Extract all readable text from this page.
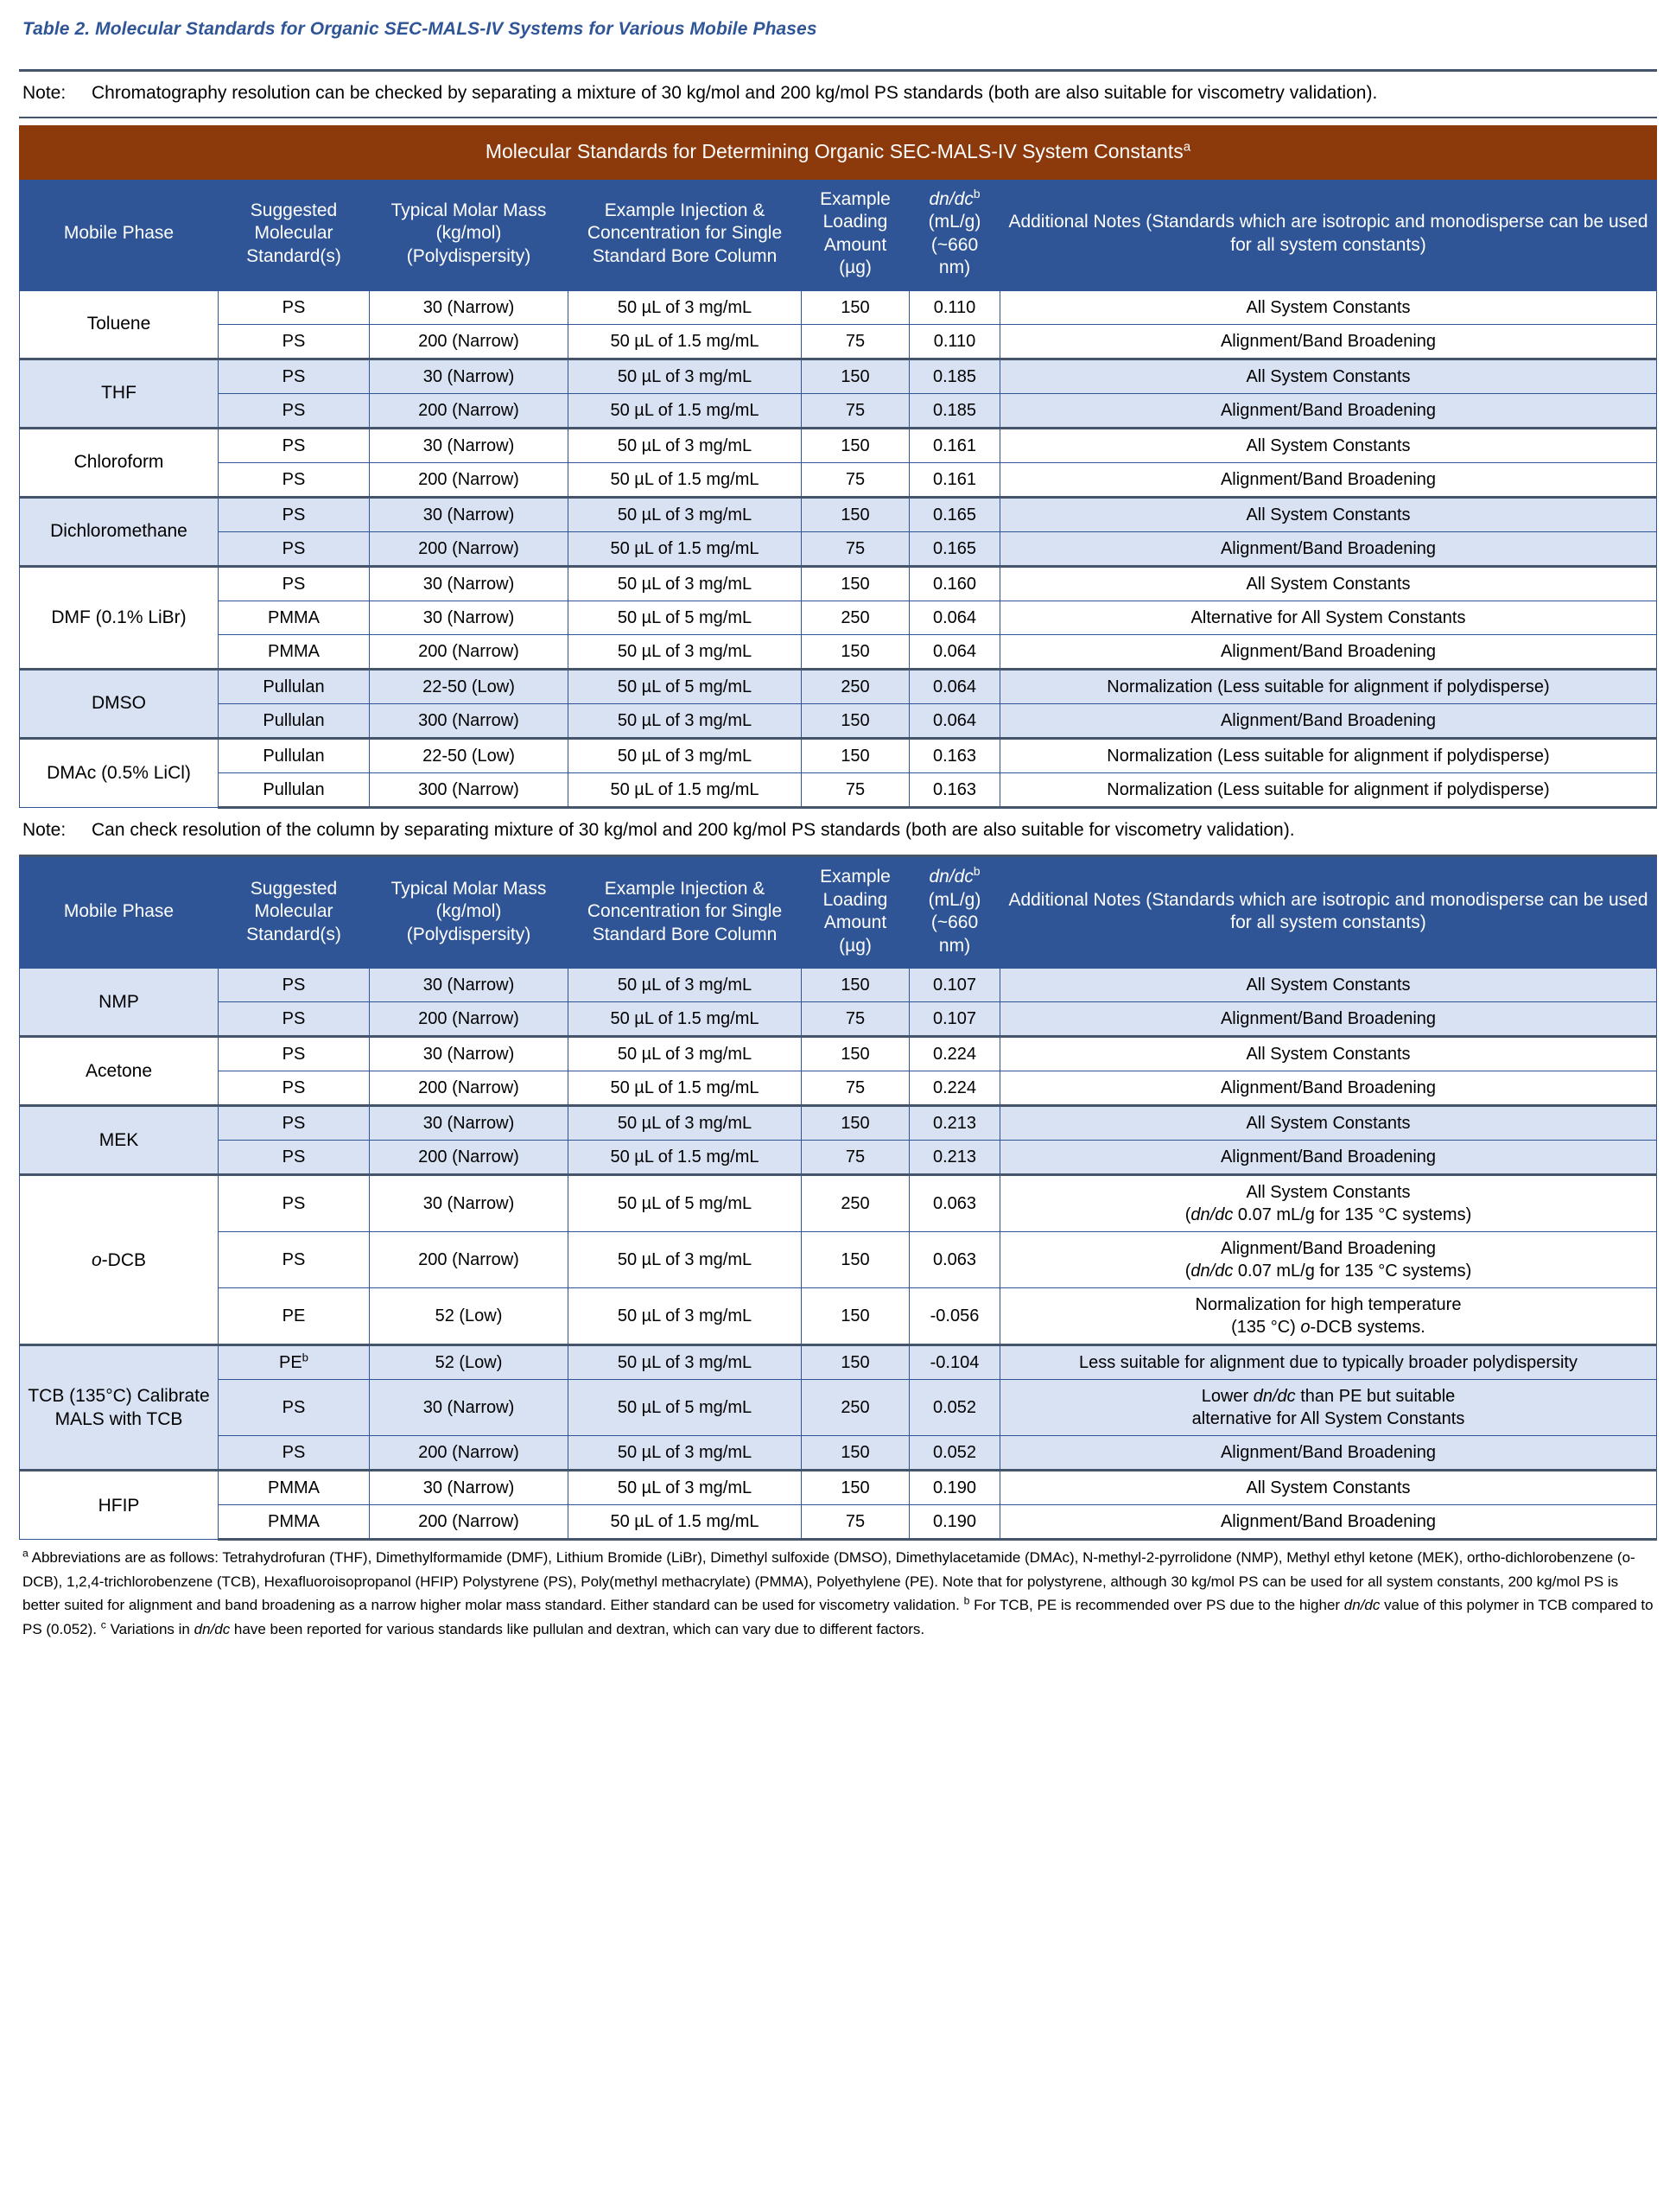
Table 2. Molecular Standards for Organic SEC-MALS-IV Systems for Various Mobile Phases
Note:	Chromatography resolution can be checked by separating a mixture of 30 kg/mol and 200 kg/mol PS standards (both are also suitable for viscometry validation).
Molecular Standards for Determining Organic SEC-MALS-IV System Constants$^a$
Mobile Phase	Suggested Molecular Standard(s)	Typical Molar Mass (kg/mol) (Polydispersity)	Example Injection & Concentration for Single Standard Bore Column	Example Loading Amount (µg)	$dn/dc^b$
(mL/g)
(~660
nm)	Additional Notes (Standards which are isotropic and monodisperse can be used for all system constants)
Toluene	PS	30 (Narrow)	50 µL of 3 mg/mL	150	0.110	All System Constants
	PS	200 (Narrow)	50 µL of 1.5 mg/mL	75	0.110	Alignment/Band Broadening
THF	PS	30 (Narrow)	50 µL of 3 mg/mL	150	0.185	All System Constants
	PS	200 (Narrow)	50 µL of 1.5 mg/mL	75	0.185	Alignment/Band Broadening
Chloroform	PS	30 (Narrow)	50 µL of 3 mg/mL	150	0.161	All System Constants
	PS	200 (Narrow)	50 µL of 1.5 mg/mL	75	0.161	Alignment/Band Broadening
Dichloromethane	PS	30 (Narrow)	50 µL of 3 mg/mL	150	0.165	All System Constants
	PS	200 (Narrow)	50 µL of 1.5 mg/mL	75	0.165	Alignment/Band Broadening
DMF (0.1% LiBr)	PS	30 (Narrow)	50 µL of 3 mg/mL	150	0.160	All System Constants
	PMMA	30 (Narrow)	50 µL of 5 mg/mL	250	0.064	Alternative for All System Constants
	PMMA	200 (Narrow)	50 µL of 3 mg/mL	150	0.064	Alignment/Band Broadening
DMSO	Pullulan	22-50 (Low)	50 µL of 5 mg/mL	250	0.064	Normalization (Less suitable for alignment if polydisperse)
	Pullulan	300 (Narrow)	50 µL of 3 mg/mL	150	0.064	Alignment/Band Broadening
DMAc (0.5% LiCl)	Pullulan	22-50 (Low)	50 µL of 3 mg/mL	150	0.163	Normalization (Less suitable for alignment if polydisperse)
	Pullulan	300 (Narrow)	50 µL of 1.5 mg/mL	75	0.163	Normalization (Less suitable for alignment if polydisperse)
Note:	Can check resolution of the column by separating mixture of 30 kg/mol and 200 kg/mol PS standards (both are also suitable for viscometry validation).
Mobile Phase	Suggested Molecular Standard(s)	Typical Molar Mass (kg/mol) (Polydispersity)	Example Injection & Concentration for Single Standard Bore Column	Example Loading Amount (µg)	$dn/dc^b$
(mL/g)
(~660
nm)	Additional Notes (Standards which are isotropic and monodisperse can be used for all system constants)
NMP	PS	30 (Narrow)	50 µL of 3 mg/mL	150	0.107	All System Constants
	PS	200 (Narrow)	50 µL of 1.5 mg/mL	75	0.107	Alignment/Band Broadening
Acetone	PS	30 (Narrow)	50 µL of 3 mg/mL	150	0.224	All System Constants
	PS	200 (Narrow)	50 µL of 1.5 mg/mL	75	0.224	Alignment/Band Broadening
MEK	PS	30 (Narrow)	50 µL of 3 mg/mL	150	0.213	All System Constants
	PS	200 (Narrow)	50 µL of 1.5 mg/mL	75	0.213	Alignment/Band Broadening
o-DCB	PS	30 (Narrow)	50 µL of 5 mg/mL	250	0.063	All System Constants
(dn/dc 0.07 mL/g for 135 °C systems)

	PS	200 (Narrow)	50 µL of 3 mg/mL	150	0.063	Alignment/Band Broadening
(dn/dc 0.07 mL/g for 135 °C systems)

	PE	52 (Low)	50 µL of 3 mg/mL	150	-0.056	Normalization for high temperature
(135 °C) o-DCB systems.

TCB (135°C) Calibrate MALS with TCB	$PE^b$	52 (Low)	50 µL of 3 mg/mL	150	-0.104	Less suitable for alignment due to typically broader polydispersity
	PS	30 (Narrow)	50 µL of 5 mg/mL	250	0.052	Lower dn/dc than PE but suitable
alternative for All System Constants

	PS	200 (Narrow)	50 µL of 3 mg/mL	150	0.052	Alignment/Band Broadening
HFIP	PMMA	30 (Narrow)	50 µL of 3 mg/mL	150	0.190	All System Constants
	PMMA	200 (Narrow)	50 µL of 1.5 mg/mL	75	0.190	Alignment/Band Broadening
$^a$ Abbreviations are as follows: Tetrahydrofuran (THF), Dimethylformamide (DMF), Lithium Bromide (LiBr), Dimethyl sulfoxide (DMSO), Dimethylacetamide (DMAc), N-methyl-2-pyrrolidone (NMP), Methyl ethyl ketone (MEK), ortho-dichlorobenzene (o-DCB), 1,2,4-trichlorobenzene (TCB), Hexafluoroisopropanol (HFIP) Polystyrene (PS), Poly(methyl methacrylate) (PMMA), Polyethylene (PE). Note that for polystyrene, although 30 kg/mol PS can be used for all system constants, 200 kg/mol PS is better suited for alignment and band broadening as a narrow higher molar mass standard. Either standard can be used for viscometry validation. $^b$ For TCB, PE is recommended over PS due to the higher dn/dc value of this polymer in TCB compared to PS (0.052). $^c$ Variations in dn/dc have been reported for various standards like pullulan and dextran, which can vary due to different factors.
